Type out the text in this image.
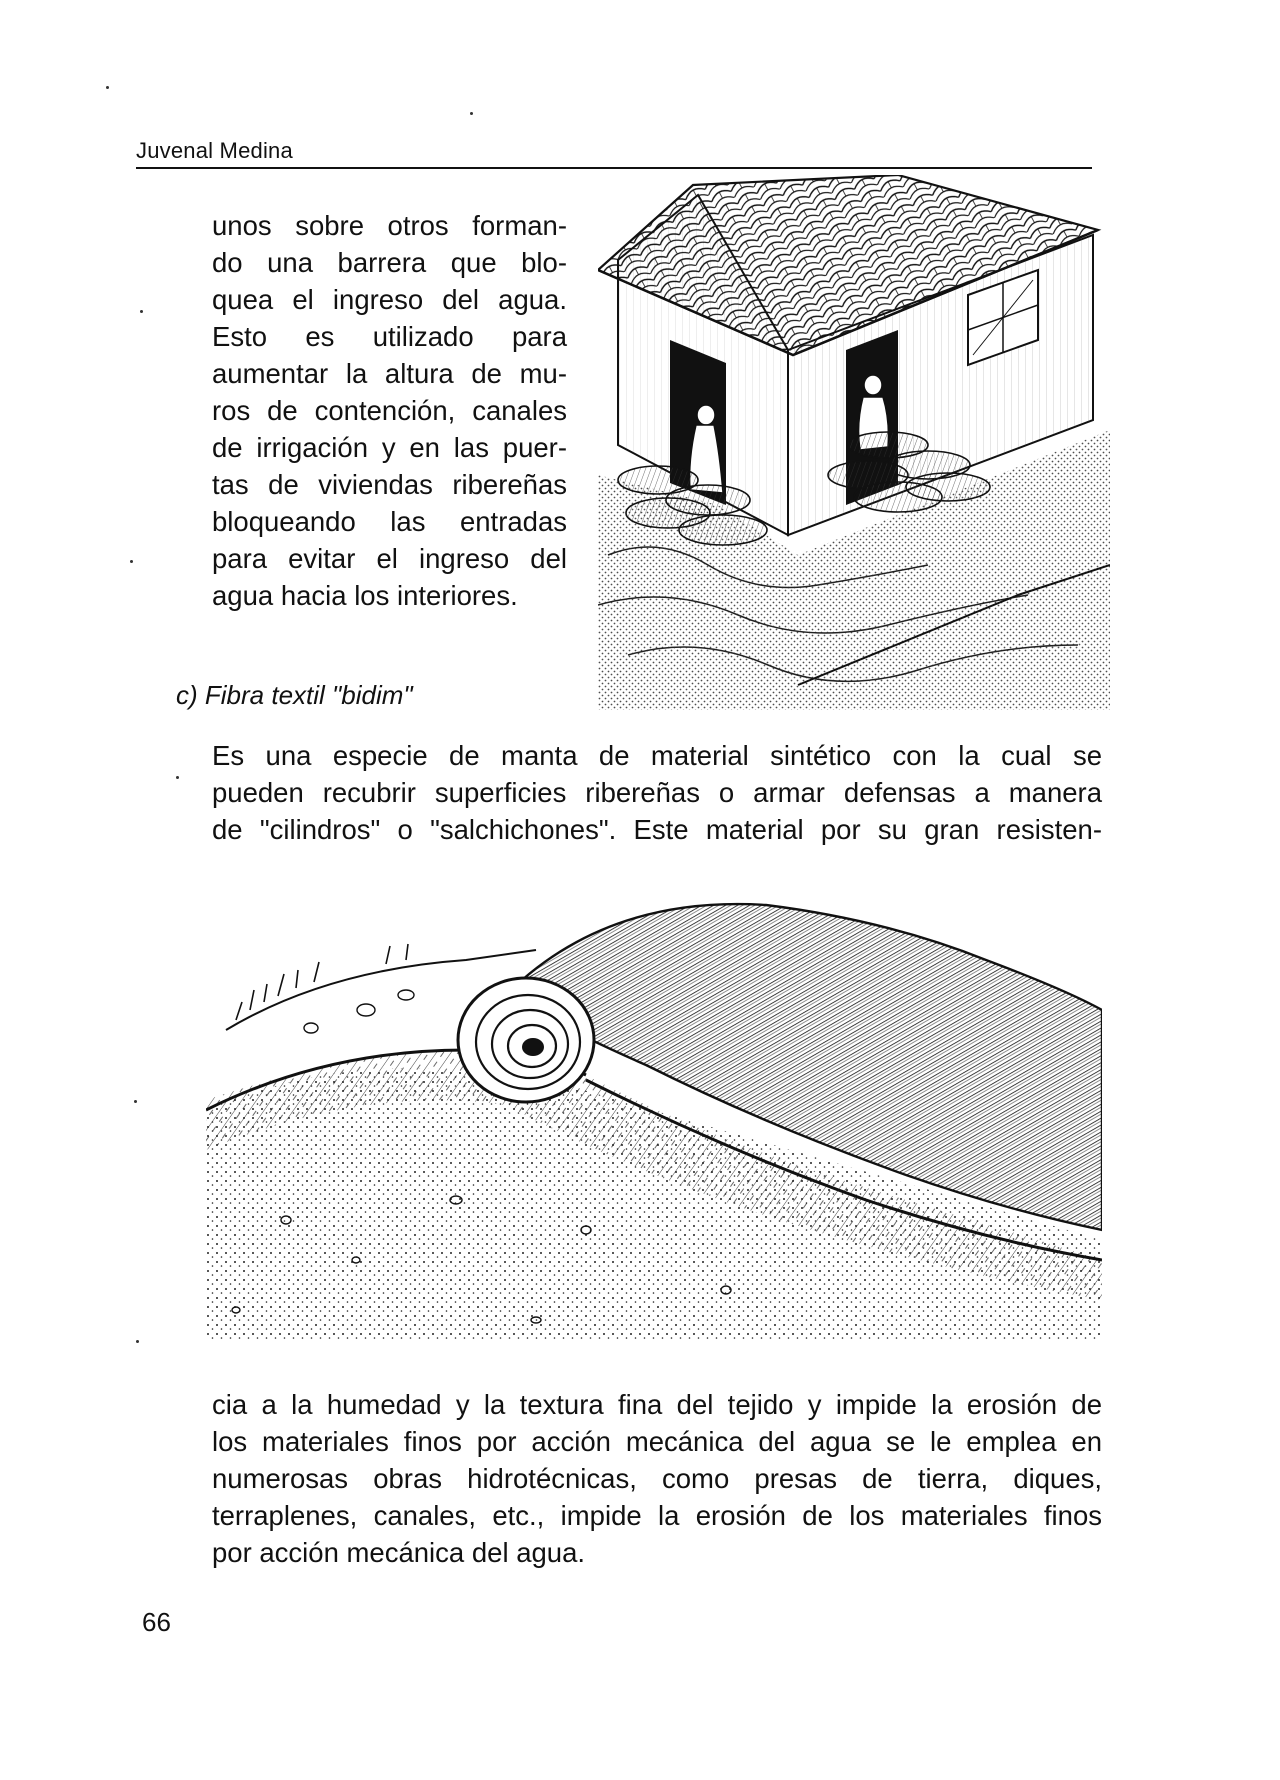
Juvenal Medina

unos sobre otros forman-
do una barrera que blo-
quea el ingreso del agua.
Esto es utilizado para
aumentar la altura de mu-
ros de contención, canales
de irrigación y en las puer-
tas de viviendas ribereñas
bloqueando las entradas
para evitar el ingreso del
agua hacia los interiores.

c) Fibra textil "bidim"

Es una especie de manta de material sintético con la cual se
pueden recubrir superficies ribereñas o armar defensas a manera
de "cilindros" o "salchichones". Este material por su gran resisten-

cia a la humedad y la textura fina del tejido y impide la erosión de
los materiales finos por acción mecánica del agua se le emplea en
numerosas obras hidrotécnicas, como presas de tierra, diques,
terraplenes, canales, etc., impide la erosión de los materiales finos
por acción mecánica del agua.

66
